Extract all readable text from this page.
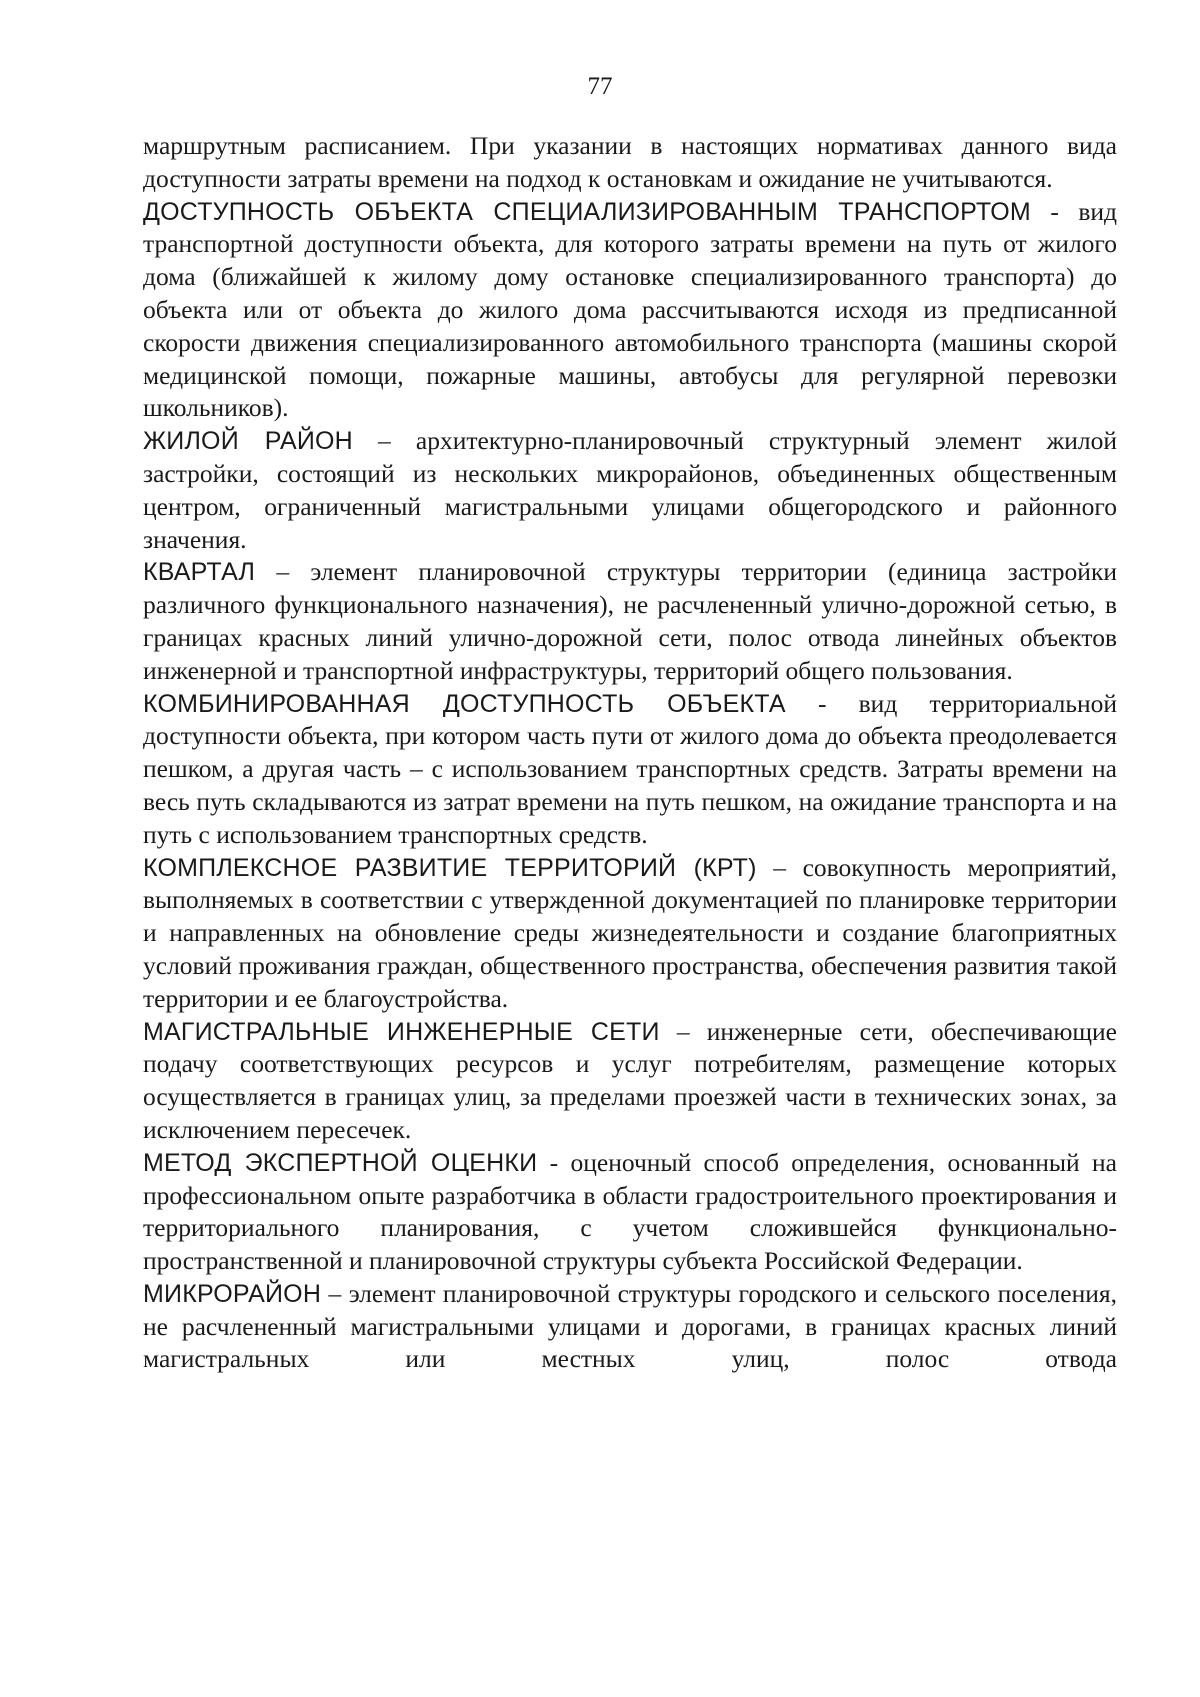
77

маршрутным расписанием. При указании в настоящих нормативах данного вида доступности затраты времени на подход к остановкам и ожидание не учитываются.

ДОСТУПНОСТЬ ОБЪЕКТА СПЕЦИАЛИЗИРОВАННЫМ ТРАНСПОРТОМ - вид транспортной доступности объекта, для которого затраты времени на путь от жилого дома (ближайшей к жилому дому остановке специализированного транспорта) до объекта или от объекта до жилого дома рассчитываются исходя из предписанной скорости движения специализированного автомобильного транспорта (машины скорой медицинской помощи, пожарные машины, автобусы для регулярной перевозки школьников).

ЖИЛОЙ РАЙОН – архитектурно-планировочный структурный элемент жилой застройки, состоящий из нескольких микрорайонов, объединенных общественным центром, ограниченный магистральными улицами общегородского и районного значения.

КВАРТАЛ – элемент планировочной структуры территории (единица застройки различного функционального назначения), не расчлененный улично-дорожной сетью, в границах красных линий улично-дорожной сети, полос отвода линейных объектов инженерной и транспортной инфраструктуры, территорий общего пользования.

КОМБИНИРОВАННАЯ ДОСТУПНОСТЬ ОБЪЕКТА - вид территориальной доступности объекта, при котором часть пути от жилого дома до объекта преодолевается пешком, а другая часть – с использованием транспортных средств. Затраты времени на весь путь складываются из затрат времени на путь пешком, на ожидание транспорта и на путь с использованием транспортных средств.

КОМПЛЕКСНОЕ РАЗВИТИЕ ТЕРРИТОРИЙ (КРТ) – совокупность мероприятий, выполняемых в соответствии с утвержденной документацией по планировке территории и направленных на обновление среды жизнедеятельности и создание благоприятных условий проживания граждан, общественного пространства, обеспечения развития такой территории и ее благоустройства.

МАГИСТРАЛЬНЫЕ ИНЖЕНЕРНЫЕ СЕТИ – инженерные сети, обеспечивающие подачу соответствующих ресурсов и услуг потребителям, размещение которых осуществляется в границах улиц, за пределами проезжей части в технических зонах, за исключением пересечек.

МЕТОД ЭКСПЕРТНОЙ ОЦЕНКИ - оценочный способ определения, основанный на профессиональном опыте разработчика в области градостроительного проектирования и территориального планирования, с учетом сложившейся функционально-пространственной и планировочной структуры субъекта Российской Федерации.

МИКРОРАЙОН – элемент планировочной структуры городского и сельского поселения, не расчлененный магистральными улицами и дорогами, в границах красных линий магистральных или местных улиц, полос отвода
